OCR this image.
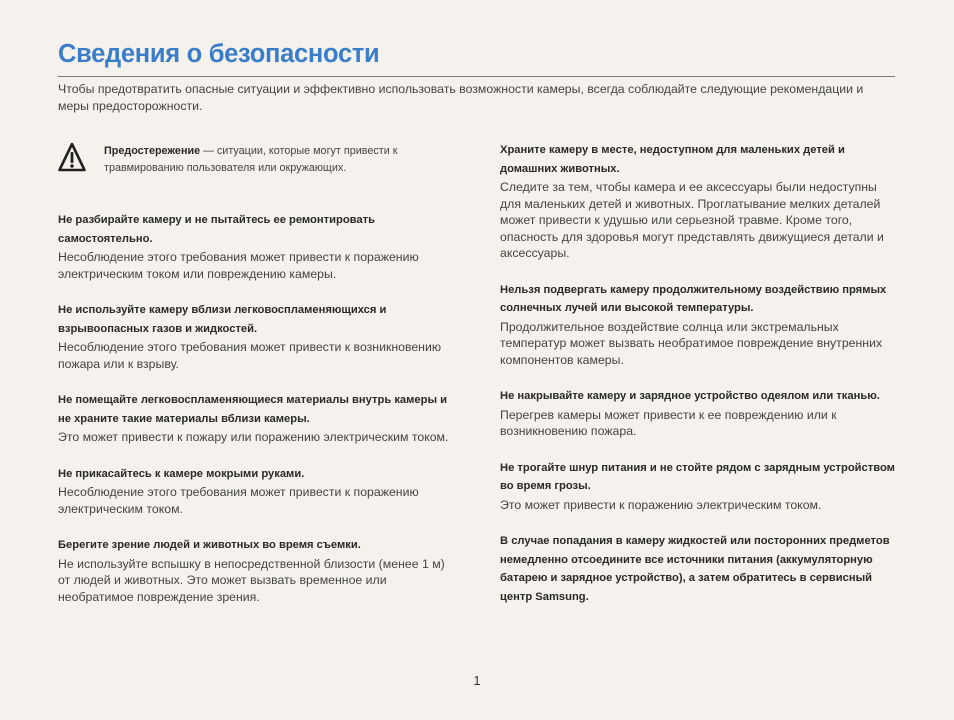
Сведения о безопасности

Чтобы предотвратить опасные ситуации и эффективно использовать возможности камеры, всегда соблюдайте следующие рекомендации и меры предосторожности.

Предостережение — ситуации, которые могут привести к травмированию пользователя или окружающих.

Не разбирайте камеру и не пытайтесь ее ремонтировать самостоятельно.

Несоблюдение этого требования может привести к поражению электрическим током или повреждению камеры.

Не используйте камеру вблизи легковоспламеняющихся и взрывоопасных газов и жидкостей.

Несоблюдение этого требования может привести к возникновению пожара или к взрыву.

Не помещайте легковоспламеняющиеся материалы внутрь камеры и не храните такие материалы вблизи камеры.

Это может привести к пожару или поражению электрическим током.

Не прикасайтесь к камере мокрыми руками.

Несоблюдение этого требования может привести к поражению электрическим током.

Берегите зрение людей и животных во время съемки.

Не используйте вспышку в непосредственной близости (менее 1 м) от людей и животных. Это может вызвать временное или необратимое повреждение зрения.

Храните камеру в месте, недоступном для маленьких детей и домашних животных.

Следите за тем, чтобы камера и ее аксессуары были недоступны для маленьких детей и животных. Проглатывание мелких деталей может привести к удушью или серьезной травме. Кроме того, опасность для здоровья могут представлять движущиеся детали и аксессуары.

Нельзя подвергать камеру продолжительному воздействию прямых солнечных лучей или высокой температуры.

Продолжительное воздействие солнца или экстремальных температур может вызвать необратимое повреждение внутренних компонентов камеры.

Не накрывайте камеру и зарядное устройство одеялом или тканью.

Перегрев камеры может привести к ее повреждению или к возникновению пожара.

Не трогайте шнур питания и не стойте рядом с зарядным устройством во время грозы.

Это может привести к поражению электрическим током.

В случае попадания в камеру жидкостей или посторонних предметов немедленно отсоедините все источники питания (аккумуляторную батарею и зарядное устройство), а затем обратитесь в сервисный центр Samsung.

1
